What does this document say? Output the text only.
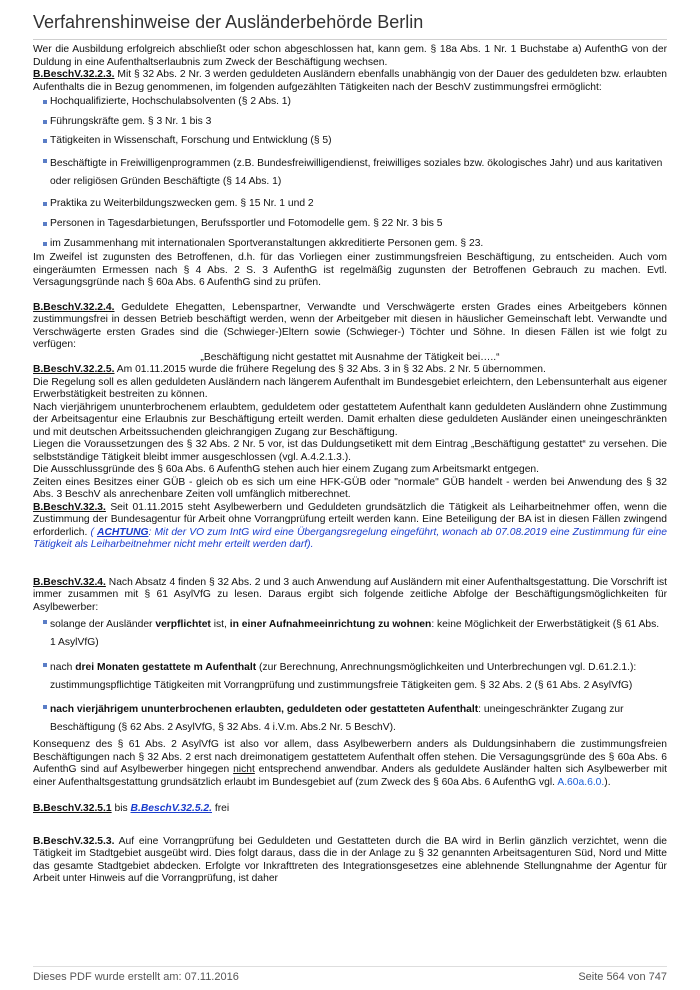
Verfahrenshinweise der Ausländerbehörde Berlin

Wer die Ausbildung erfolgreich abschließt oder schon abgeschlossen hat, kann gem. § 18a Abs. 1 Nr. 1 Buchstabe a) AufenthG von der Duldung in eine Aufenthaltserlaubnis zum Zweck der Beschäftigung wechsen.

B.BeschV.32.2.3. Mit § 32 Abs. 2 Nr. 3 werden geduldeten Ausländern ebenfalls unabhängig von der Dauer des geduldeten bzw. erlaubten Aufenthalts die in Bezug genommenen, im folgenden aufgezählten Tätigkeiten nach der BeschV zustimmungsfrei ermöglicht:

Hochqualifizierte, Hochschulabsolventen (§ 2 Abs. 1)
Führungskräfte gem. § 3 Nr. 1 bis 3
Tätigkeiten in Wissenschaft, Forschung und Entwicklung (§ 5)
Beschäftigte in Freiwilligenprogrammen (z.B. Bundesfreiwilligendienst, freiwilliges soziales bzw. ökologisches Jahr) und aus karitativen oder religiösen Gründen Beschäftigte (§ 14 Abs. 1)
Praktika zu Weiterbildungszwecken gem. § 15 Nr. 1 und 2
Personen in Tagesdarbietungen, Berufssportler und Fotomodelle gem. § 22 Nr. 3 bis 5
im Zusammenhang mit internationalen Sportveranstaltungen akkreditierte Personen gem. § 23.

Im Zweifel ist zugunsten des Betroffenen, d.h. für das Vorliegen einer zustimmungsfreien Beschäftigung, zu entscheiden. Auch vom eingeräumten Ermessen nach § 4 Abs. 2 S. 3 AufenthG ist regelmäßig zugunsten der Betroffenen Gebrauch zu machen. Evtl. Versagungsgründe nach § 60a Abs. 6 AufenthG sind zu prüfen.

B.BeschV.32.2.4. Geduldete Ehegatten, Lebenspartner, Verwandte und Verschwägerte ersten Grades eines Arbeitgebers können zustimmungsfrei in dessen Betrieb beschäftigt werden, wenn der Arbeitgeber mit diesen in häuslicher Gemeinschaft lebt. Verwandte und Verschwägerte ersten Grades sind die (Schwieger-)Eltern sowie (Schwieger-) Töchter und Söhne. In diesen Fällen ist wie folgt zu verfügen:

„Beschäftigung nicht gestattet mit Ausnahme der Tätigkeit bei…..“

B.BeschV.32.2.5. Am 01.11.2015 wurde die frühere Regelung des § 32 Abs. 3 in § 32 Abs. 2 Nr. 5 übernommen.

Die Regelung soll es allen geduldeten Ausländern nach längerem Aufenthalt im Bundesgebiet erleichtern, den Lebensunterhalt aus eigener Erwerbstätigkeit bestreiten zu können.

Nach vierjährigem ununterbrochenem erlaubtem, geduldetem oder gestattetem Aufenthalt kann geduldeten Ausländern ohne Zustimmung der Arbeitsagentur eine Erlaubnis zur Beschäftigung erteilt werden. Damit erhalten diese geduldeten Ausländer einen uneingeschränkten und mit deutschen Arbeitssuchenden gleichrangigen Zugang zur Beschäftigung.

Liegen die Voraussetzungen des § 32 Abs. 2 Nr. 5 vor, ist das Duldungsetikett mit dem Eintrag „Beschäftigung gestattet“ zu versehen. Die selbstständige Tätigkeit bleibt immer ausgeschlossen (vgl. A.4.2.1.3.).

Die Ausschlussgründe des § 60a Abs. 6 AufenthG stehen auch hier einem Zugang zum Arbeitsmarkt entgegen.

Zeiten eines Besitzes einer GÜB - gleich ob es sich um eine HFK-GÜB oder "normale" GÜB handelt - werden bei Anwendung des § 32 Abs. 3 BeschV als anrechenbare Zeiten voll umfänglich mitberechnet.

B.BeschV.32.3. Seit 01.11.2015 steht Asylbewerbern und Geduldeten grundsätzlich die Tätigkeit als Leiharbeitnehmer offen, wenn die Zustimmung der Bundesagentur für Arbeit ohne Vorrangprüfung erteilt werden kann. Eine Beteiligung der BA ist in diesen Fällen zwingend erforderlich. ( ACHTUNG: Mit der VO zum IntG wird eine Übergangsregelung eingeführt, wonach ab 07.08.2019 eine Zustimmung für eine Tätigkeit als Leiharbeitnehmer nicht mehr erteilt werden darf).

B.BeschV.32.4. Nach Absatz 4 finden § 32 Abs. 2 und 3 auch Anwendung auf Ausländern mit einer Aufenthaltsgestattung. Die Vorschrift ist immer zusammen mit § 61 AsylVfG zu lesen. Daraus ergibt sich folgende zeitliche Abfolge der Beschäftigungsmöglichkeiten für Asylbewerber:

solange der Ausländer verpflichtet ist, in einer Aufnahmeeinrichtung zu wohnen: keine Möglichkeit der Erwerbstätigkeit (§ 61 Abs. 1 AsylVfG)
nach drei Monaten gestattete m Aufenthalt (zur Berechnung, Anrechnungsmöglichkeiten und Unterbrechungen vgl. D.61.2.1.): zustimmungspflichtige Tätigkeiten mit Vorrangprüfung und zustimmungsfreie Tätigkeiten gem. § 32 Abs. 2 (§ 61 Abs. 2 AsylVfG)
nach vierjährigem ununterbrochenen erlaubten, geduldeten oder gestatteten Aufenthalt: uneingeschränkter Zugang zur Beschäftigung (§ 62 Abs. 2 AsylVfG, § 32 Abs. 4 i.V.m. Abs.2 Nr. 5 BeschV).

Konsequenz des § 61 Abs. 2 AsylVfG ist also vor allem, dass Asylbewerbern anders als Duldungsinhabern die zustimmungsfreien Beschäftigungen nach § 32 Abs. 2 erst nach dreimonatigem gestattetem Aufenthalt offen stehen. Die Versagungsgründe des § 60a Abs. 6 AufenthG sind auf Asylbewerber hingegen nicht entsprechend anwendbar. Anders als geduldete Ausländer halten sich Asylbewerber mit einer Aufenthaltsgestattung grundsätzlich erlaubt im Bundesgebiet auf (zum Zweck des § 60a Abs. 6 AufenthG vgl. A.60a.6.0.).

B.BeschV.32.5.1 bis B.BeschV.32.5.2. frei

B.BeschV.32.5.3. Auf eine Vorrangprüfung bei Geduldeten und Gestatteten durch die BA wird in Berlin gänzlich verzichtet, wenn die Tätigkeit im Stadtgebiet ausgeübt wird. Dies folgt daraus, dass die in der Anlage zu § 32 genannten Arbeitsagenturen Süd, Nord und Mitte das gesamte Stadtgebiet abdecken. Erfolgte vor Inkrafttreten des Integrationsgesetzes eine ablehnende Stellungnahme der Agentur für Arbeit unter Hinweis auf die Vorrangprüfung, ist daher

Dieses PDF wurde erstellt am: 07.11.2016	Seite 564 von 747
